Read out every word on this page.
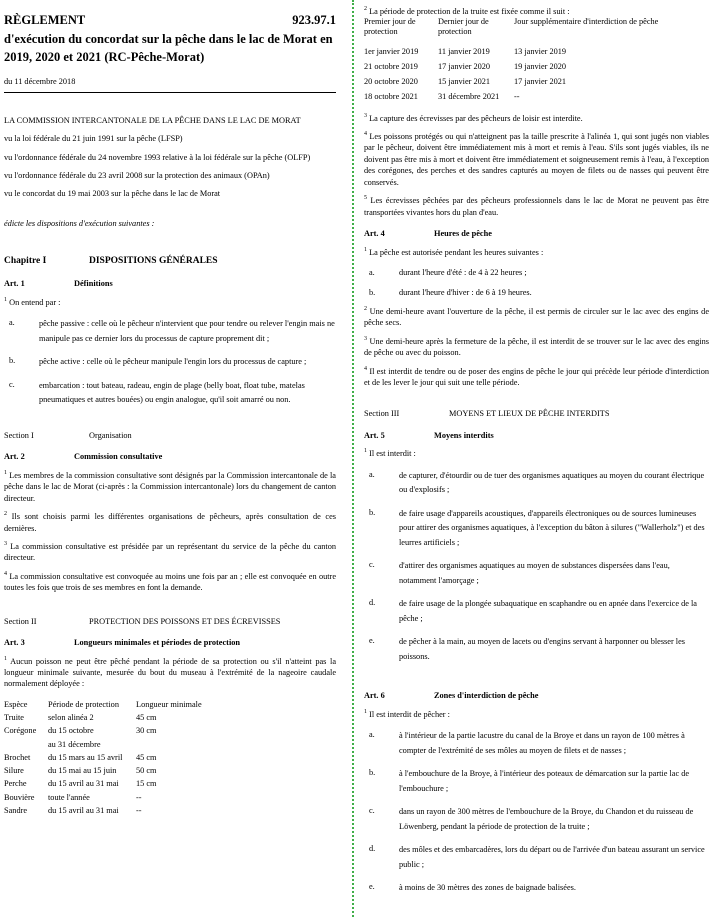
RÈGLEMENT	923.97.1
d'exécution du concordat sur la pêche dans le lac de Morat en 2019, 2020 et 2021 (RC-Pêche-Morat)
du 11 décembre 2018

LA COMMISSION INTERCANTONALE DE LA PÊCHE DANS LE LAC DE MORAT

vu la loi fédérale du 21 juin 1991 sur la pêche (LFSP)

vu l'ordonnance fédérale du 24 novembre 1993 relative à la loi fédérale sur la pêche (OLFP)

vu l'ordonnance fédérale du 23 avril 2008 sur la protection des animaux (OPAn)

vu le concordat du 19 mai 2003 sur la pêche dans le lac de Morat

édicte les dispositions d'exécution suivantes :

Chapitre I	DISPOSITIONS GÉNÉRALES
Art. 1	Définitions

$^1$ On entend par :

a.	pêche passive : celle où le pêcheur n'intervient que pour tendre ou relever l'engin mais ne manipule pas ce dernier lors du processus de capture proprement dit ;
b.	pêche active : celle où le pêcheur manipule l'engin lors du processus de capture ;
c.	embarcation : tout bateau, radeau, engin de plage (belly boat, float tube, matelas pneumatiques et autres bouées) ou engin analogue, qu'il soit amarré ou non.
Section I	Organisation
Art. 2	Commission consultative

$^1$ Les membres de la commission consultative sont désignés par la Commission intercantonale de la pêche dans le lac de Morat (ci-après : la Commission intercantonale) lors du changement de canton directeur.

$^2$ Ils sont choisis parmi les différentes organisations de pêcheurs, après consultation de ces dernières.

$^3$ La commission consultative est présidée par un représentant du service de la pêche du canton directeur.

$^4$ La commission consultative est convoquée au moins une fois par an ; elle est convoquée en outre toutes les fois que trois de ses membres en font la demande.

Section II	PROTECTION DES POISSONS ET DES ÉCREVISSES
Art. 3	Longueurs minimales et périodes de protection

$^1$ Aucun poisson ne peut être pêché pendant la période de sa protection ou s'il n'atteint pas la longueur minimale suivante, mesurée du bout du museau à l'extrémité de la nageoire caudale normalement déployée :

Espèce	Période de protection	Longueur minimale
Truite	selon alinéa 2	45 cm
Corégone	du 15 octobre
au 31 décembre	30 cm
Brochet	du 15 mars au 15 avril	45 cm
Silure	du 15 mai au 15 juin	50 cm
Perche	du 15 avril au 31 mai	15 cm
Bouvière	toute l'année	--
Sandre	du 15 avril au 31 mai	--

$^2$ La période de protection de la truite est fixée comme il suit :

Premier jour de protection	Dernier jour de protection	Jour supplémentaire d'interdiction de pêche
1er janvier 2019	11 janvier 2019	13 janvier 2019
21 octobre 2019	17 janvier 2020	19 janvier 2020
20 octobre 2020	15 janvier 2021	17 janvier 2021
18 octobre 2021	31 décembre 2021	--

$^3$ La capture des écrevisses par des pêcheurs de loisir est interdite.

$^4$ Les poissons protégés ou qui n'atteignent pas la taille prescrite à l'alinéa 1, qui sont jugés non viables par le pêcheur, doivent être immédiatement mis à mort et remis à l'eau. S'ils sont jugés viables, ils ne doivent pas être mis à mort et doivent être immédiatement et soigneusement remis à l'eau, à l'exception des corégones, des perches et des sandres capturés au moyen de filets ou de nasses qui peuvent être conservés.

$^5$ Les écrevisses pêchées par des pêcheurs professionnels dans le lac de Morat ne peuvent pas être transportées vivantes hors du plan d'eau.

Art. 4	Heures de pêche

$^1$ La pêche est autorisée pendant les heures suivantes :

a.	durant l'heure d'été : de 4 à 22 heures ;
b.	durant l'heure d'hiver : de 6 à 19 heures.

$^2$ Une demi-heure avant l'ouverture de la pêche, il est permis de circuler sur le lac avec des engins de pêche secs.

$^3$ Une demi-heure après la fermeture de la pêche, il est interdit de se trouver sur le lac avec des engins de pêche ou avec du poisson.

$^4$ Il est interdit de tendre ou de poser des engins de pêche le jour qui précède leur période d'interdiction et de les lever le jour qui suit une telle période.

Section III	MOYENS ET LIEUX DE PÊCHE INTERDITS
Art. 5	Moyens interdits

$^1$ Il est interdit :

a.	de capturer, d'étourdir ou de tuer des organismes aquatiques au moyen du courant électrique ou d'explosifs ;
b.	de faire usage d'appareils acoustiques, d'appareils électroniques ou de sources lumineuses pour attirer des organismes aquatiques, à l'exception du bâton à silures ("Wallerholz") et des leurres artificiels ;
c.	d'attirer des organismes aquatiques au moyen de substances dispersées dans l'eau, notamment l'amorçage ;
d.	de faire usage de la plongée subaquatique en scaphandre ou en apnée dans l'exercice de la pêche ;
e.	de pêcher à la main, au moyen de lacets ou d'engins servant à harponner ou blesser les poissons.
Art. 6	Zones d'interdiction de pêche

$^1$ Il est interdit de pêcher :

a.	à l'intérieur de la partie lacustre du canal de la Broye et dans un rayon de 100 mètres à compter de l'extrémité de ses môles au moyen de filets et de nasses ;
b.	à l'embouchure de la Broye, à l'intérieur des poteaux de démarcation sur la partie lac de l'embouchure ;
c.	dans un rayon de 300 mètres de l'embouchure de la Broye, du Chandon et du ruisseau de Löwenberg, pendant la période de protection de la truite ;
d.	des môles et des embarcadères, lors du départ ou de l'arrivée d'un bateau assurant un service public ;
e.	à moins de 30 mètres des zones de baignade balisées.
